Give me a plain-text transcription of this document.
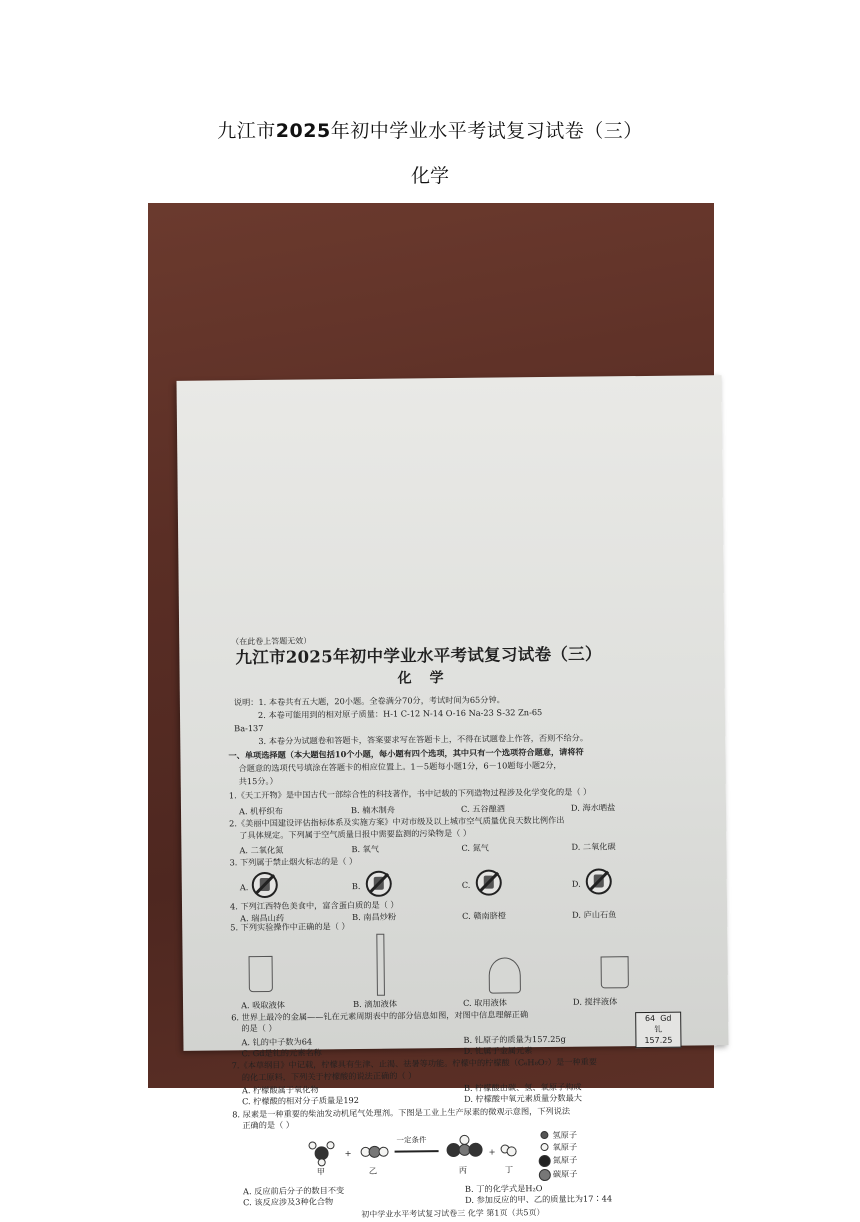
九江市2025年初中学业水平考试复习试卷（三）
化学
（在此卷上答题无效）
九江市2025年初中学业水平考试复习试卷（三）
化学
说明：1. 本卷共有五大题，20小题。全卷满分70分，考试时间为65分钟。
2. 本卷可能用到的相对原子质量：H-1 C-12 N-14 O-16 Na-23 S-32 Zn-65
Ba-137
3. 本卷分为试题卷和答题卡，答案要求写在答题卡上，不得在试题卷上作答，否则不给分。
一、单项选择题（本大题包括10个小题，每小题有四个选项，其中只有一个选项符合题意，请将符
合题意的选项代号填涂在答题卡的相应位置上。1－5题每小题1分，6－10题每小题2分，
共15分。）
1.《天工开物》是中国古代一部综合性的科技著作，书中记载的下列造物过程涉及化学变化的是（ ）
A. 机杼织布	B. 楠木制舟	C. 五谷酿酒	D. 海水晒盐
2.《美丽中国建设评估指标体系及实施方案》中对市级及以上城市空气质量优良天数比例作出
了具体规定。下列属于空气质量日报中需要监测的污染物是（ ）
A. 二氧化氮	B. 氧气	C. 氮气	D. 二氧化碳
3. 下列属于禁止烟火标志的是（ ）
A.	B.	C.	D.
4. 下列江西特色美食中，富含蛋白质的是（ ）
A. 瑞昌山药	B. 南昌炒粉	C. 赣南脐橙	D. 庐山石鱼
5. 下列实验操作中正确的是（ ）
A. 吸取液体	B. 滴加液体	C. 取用液体	D. 搅拌液体
6. 世界上最冷的金属——钆在元素周期表中的部分信息如图，对图中信息理解正确
的是（ ）
A. 钆的中子数为64	B. 钆原子的质量为157.25g
C. Gd是钆的元素名称	D. 钆属于金属元素
64 Gd
钆
157.25
7.《本草纲目》中记载，柠檬具有生津、止渴、祛暑等功能。柠檬中的柠檬酸（C₆H₈O₇）是一种重要
的化工原料，下列关于柠檬酸的说法正确的（ ）
A. 柠檬酸属于氧化物	B. 柠檬酸由碳、氢、氧原子构成
C. 柠檬酸的相对分子质量是192	D. 柠檬酸中氧元素质量分数最大
8. 尿素是一种重要的柴油发动机尾气处理剂。下图是工业上生产尿素的微观示意图，下列说法
正确的是（ ）
+
一定条件
+
甲	乙	丙	丁
氢原子
氧原子
氮原子
碳原子
A. 反应前后分子的数目不变	B. 丁的化学式是H₂O
C. 该反应涉及3种化合物	D. 参加反应的甲、乙的质量比为17∶44
初中学业水平考试复习试卷三 化学 第1页（共5页）
